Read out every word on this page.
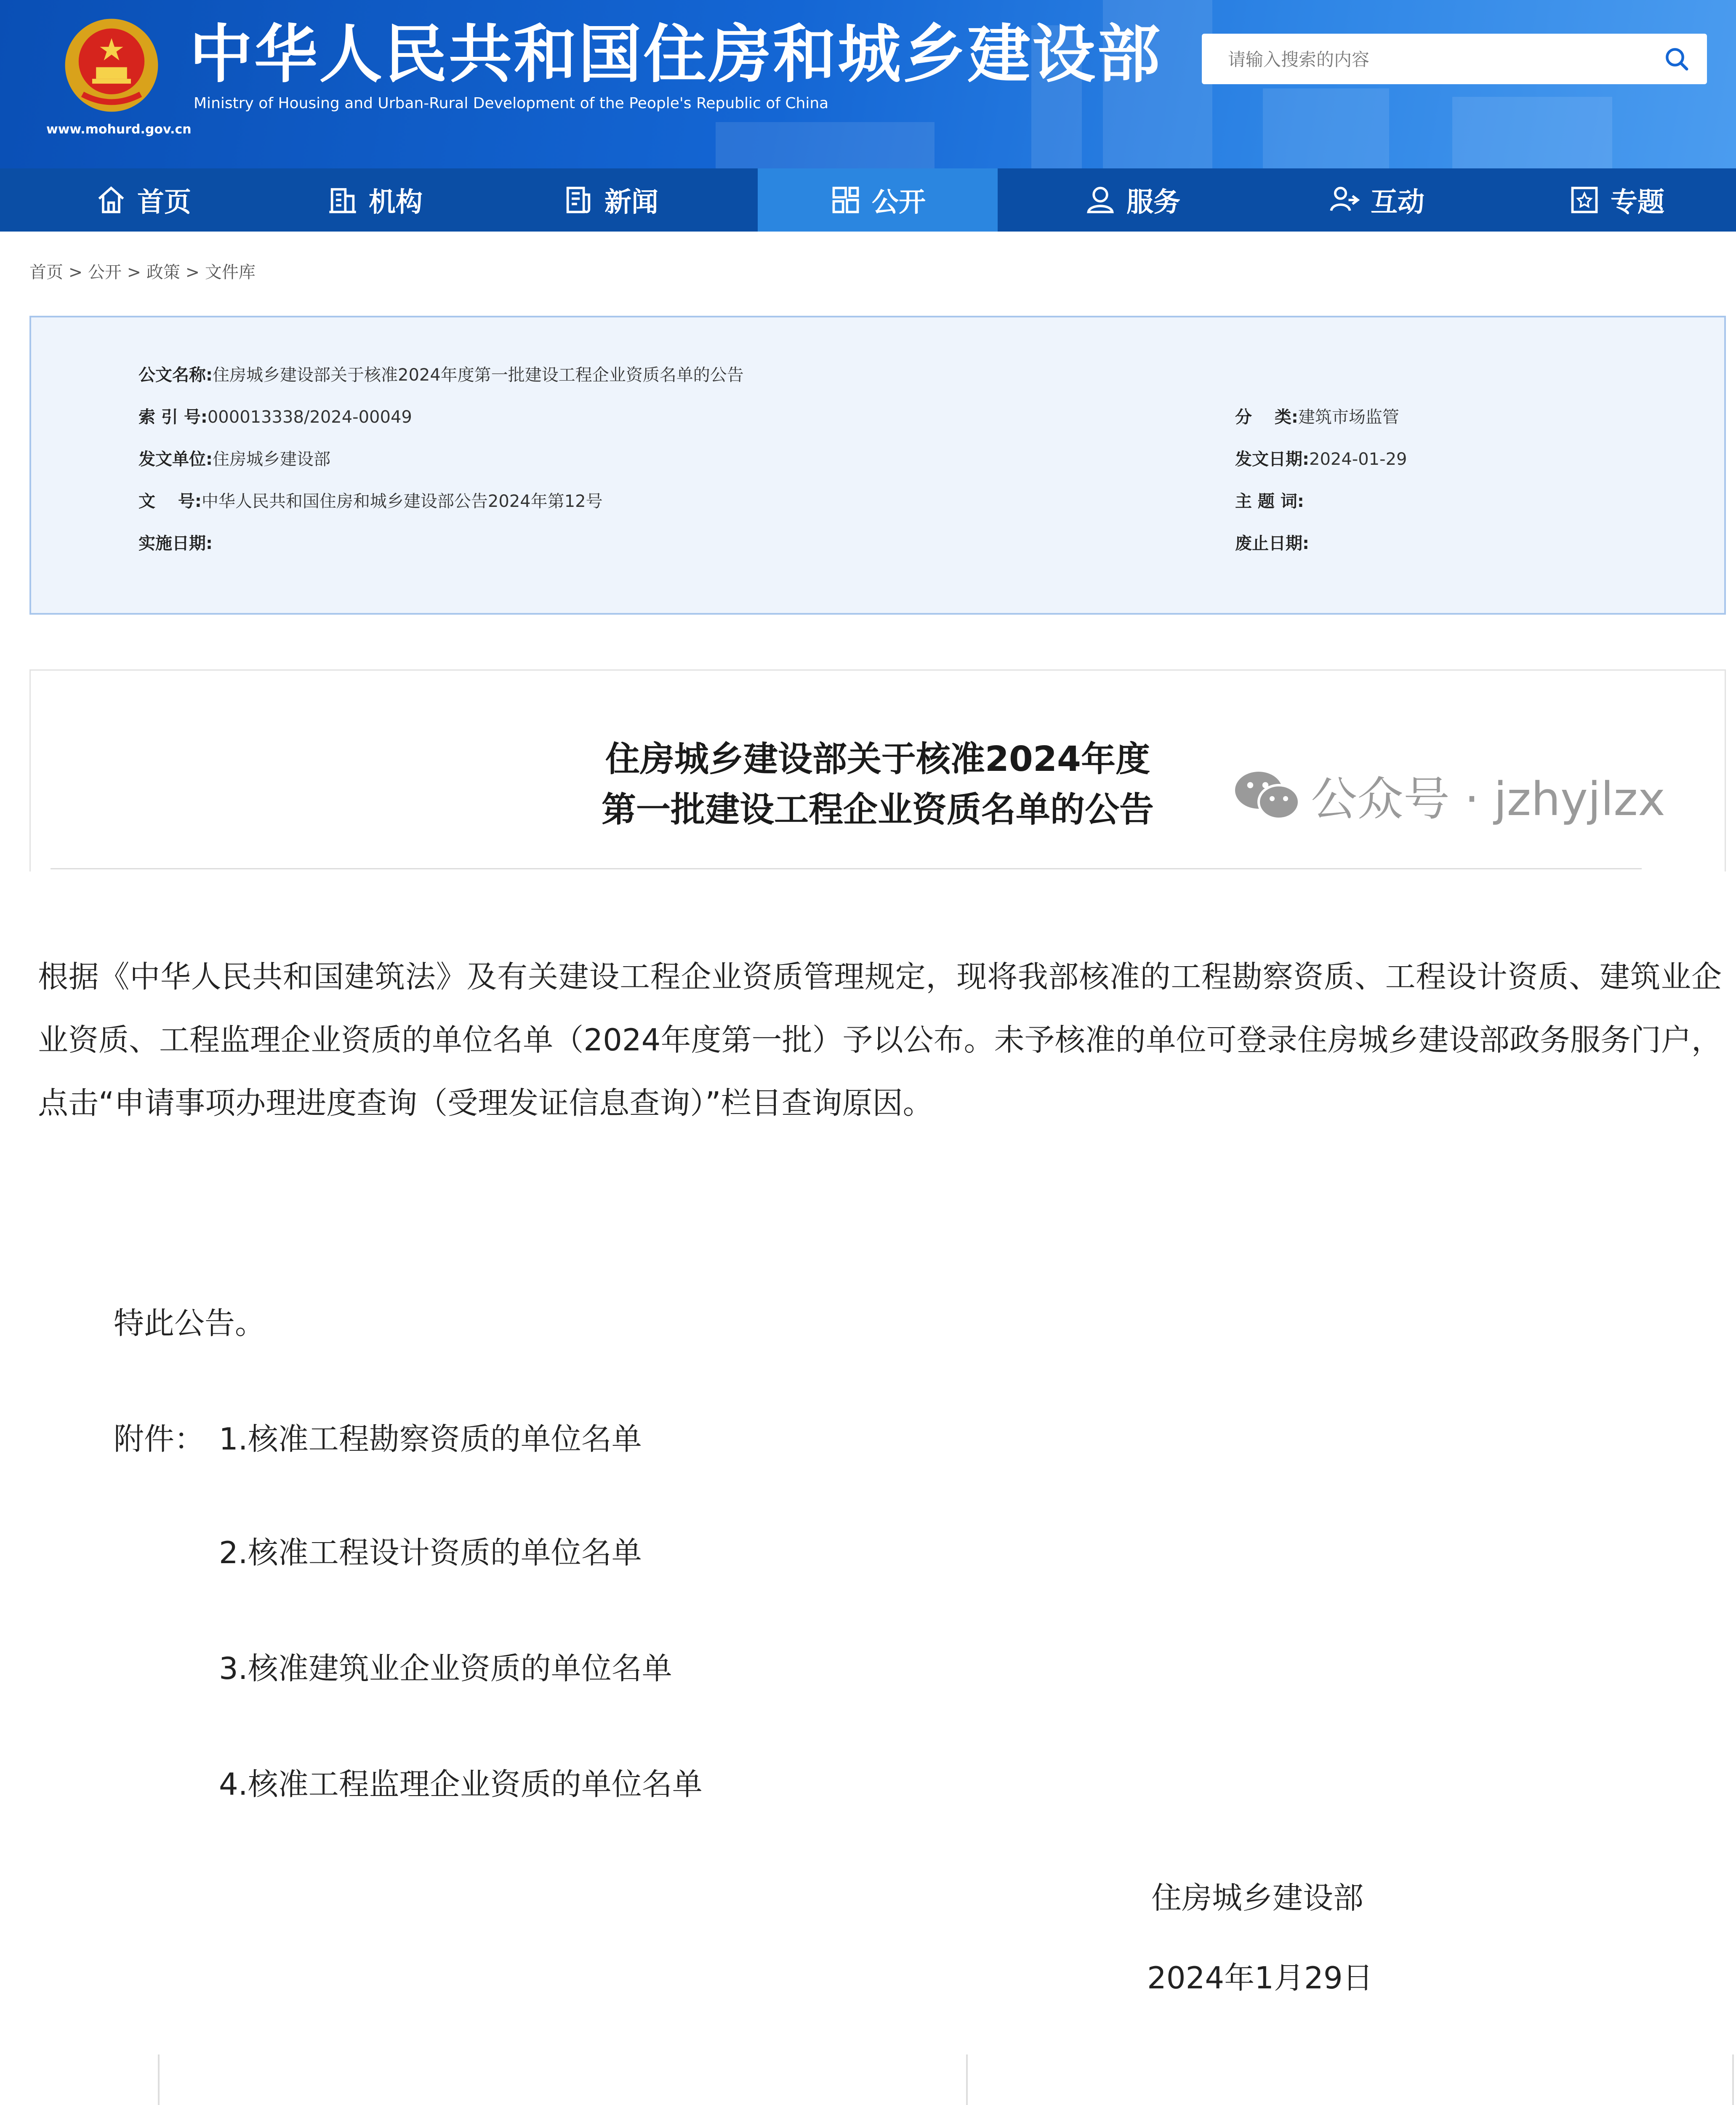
www.mohurd.gov.cn
中华人民共和国住房和城乡建设部
Ministry of Housing and Urban-Rural Development of the People's Republic of China
请输入搜索的内容
首页	机构	新闻	公开	服务	互动	专题
首页 > 公开 > 政策 > 文件库
公文名称:住房城乡建设部关于核准2024年度第一批建设工程企业资质名单的公告
索 引 号:000013338/2024-00049	分　 类:建筑市场监管
发文单位:住房城乡建设部	发文日期:2024-01-29
文　 号:中华人民共和国住房和城乡建设部公告2024年第12号	主 题 词:
实施日期:	废止日期:
住房城乡建设部关于核准2024年度
第一批建设工程企业资质名单的公告	公众号 · jzhyjlzx
根据《中华人民共和国建筑法》及有关建设工程企业资质管理规定，现将我部核准的工程勘察资质、工程设计资质、建筑业企业资质、工程监理企业资质的单位名单（2024年度第一批）予以公布。未予核准的单位可登录住房城乡建设部政务服务门户，点击“申请事项办理进度查询（受理发证信息查询）”栏目查询原因。
特此公告。
附件： 1.核准工程勘察资质的单位名单
2.核准工程设计资质的单位名单
3.核准建筑业企业资质的单位名单
4.核准工程监理企业资质的单位名单
住房城乡建设部
2024年1月29日
